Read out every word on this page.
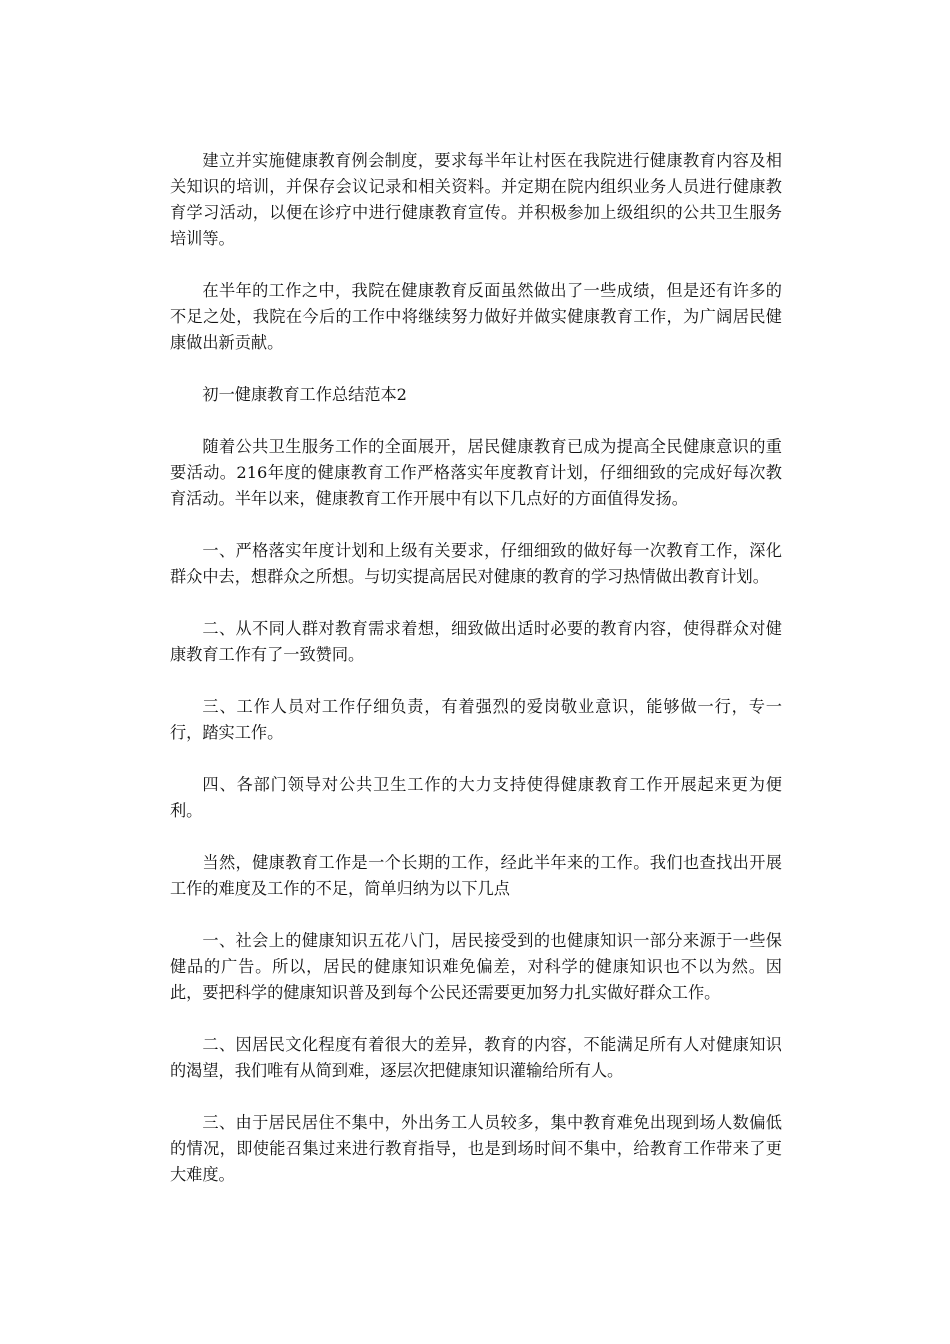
建立并实施健康教育例会制度，要求每半年让村医在我院进行健康教育内容及相关知识的培训，并保存会议记录和相关资料。并定期在院内组织业务人员进行健康教育学习活动，以便在诊疗中进行健康教育宣传。并积极参加上级组织的公共卫生服务培训等。

在半年的工作之中，我院在健康教育反面虽然做出了一些成绩，但是还有许多的不足之处，我院在今后的工作中将继续努力做好并做实健康教育工作，为广阔居民健康做出新贡献。

初一健康教育工作总结范本2

随着公共卫生服务工作的全面展开，居民健康教育已成为提高全民健康意识的重要活动。216年度的健康教育工作严格落实年度教育计划，仔细细致的完成好每次教育活动。半年以来，健康教育工作开展中有以下几点好的方面值得发扬。

一、严格落实年度计划和上级有关要求，仔细细致的做好每一次教育工作，深化群众中去，想群众之所想。与切实提高居民对健康的教育的学习热情做出教育计划。

二、从不同人群对教育需求着想，细致做出适时必要的教育内容，使得群众对健康教育工作有了一致赞同。

三、工作人员对工作仔细负责，有着强烈的爱岗敬业意识，能够做一行，专一行，踏实工作。

四、各部门领导对公共卫生工作的大力支持使得健康教育工作开展起来更为便利。

当然，健康教育工作是一个长期的工作，经此半年来的工作。我们也查找出开展工作的难度及工作的不足，简单归纳为以下几点

一、社会上的健康知识五花八门，居民接受到的也健康知识一部分来源于一些保健品的广告。所以，居民的健康知识难免偏差，对科学的健康知识也不以为然。因此，要把科学的健康知识普及到每个公民还需要更加努力扎实做好群众工作。

二、因居民文化程度有着很大的差异，教育的内容，不能满足所有人对健康知识的渴望，我们唯有从简到难，逐层次把健康知识灌输给所有人。

三、由于居民居住不集中，外出务工人员较多，集中教育难免出现到场人数偏低的情况，即使能召集过来进行教育指导，也是到场时间不集中，给教育工作带来了更大难度。
